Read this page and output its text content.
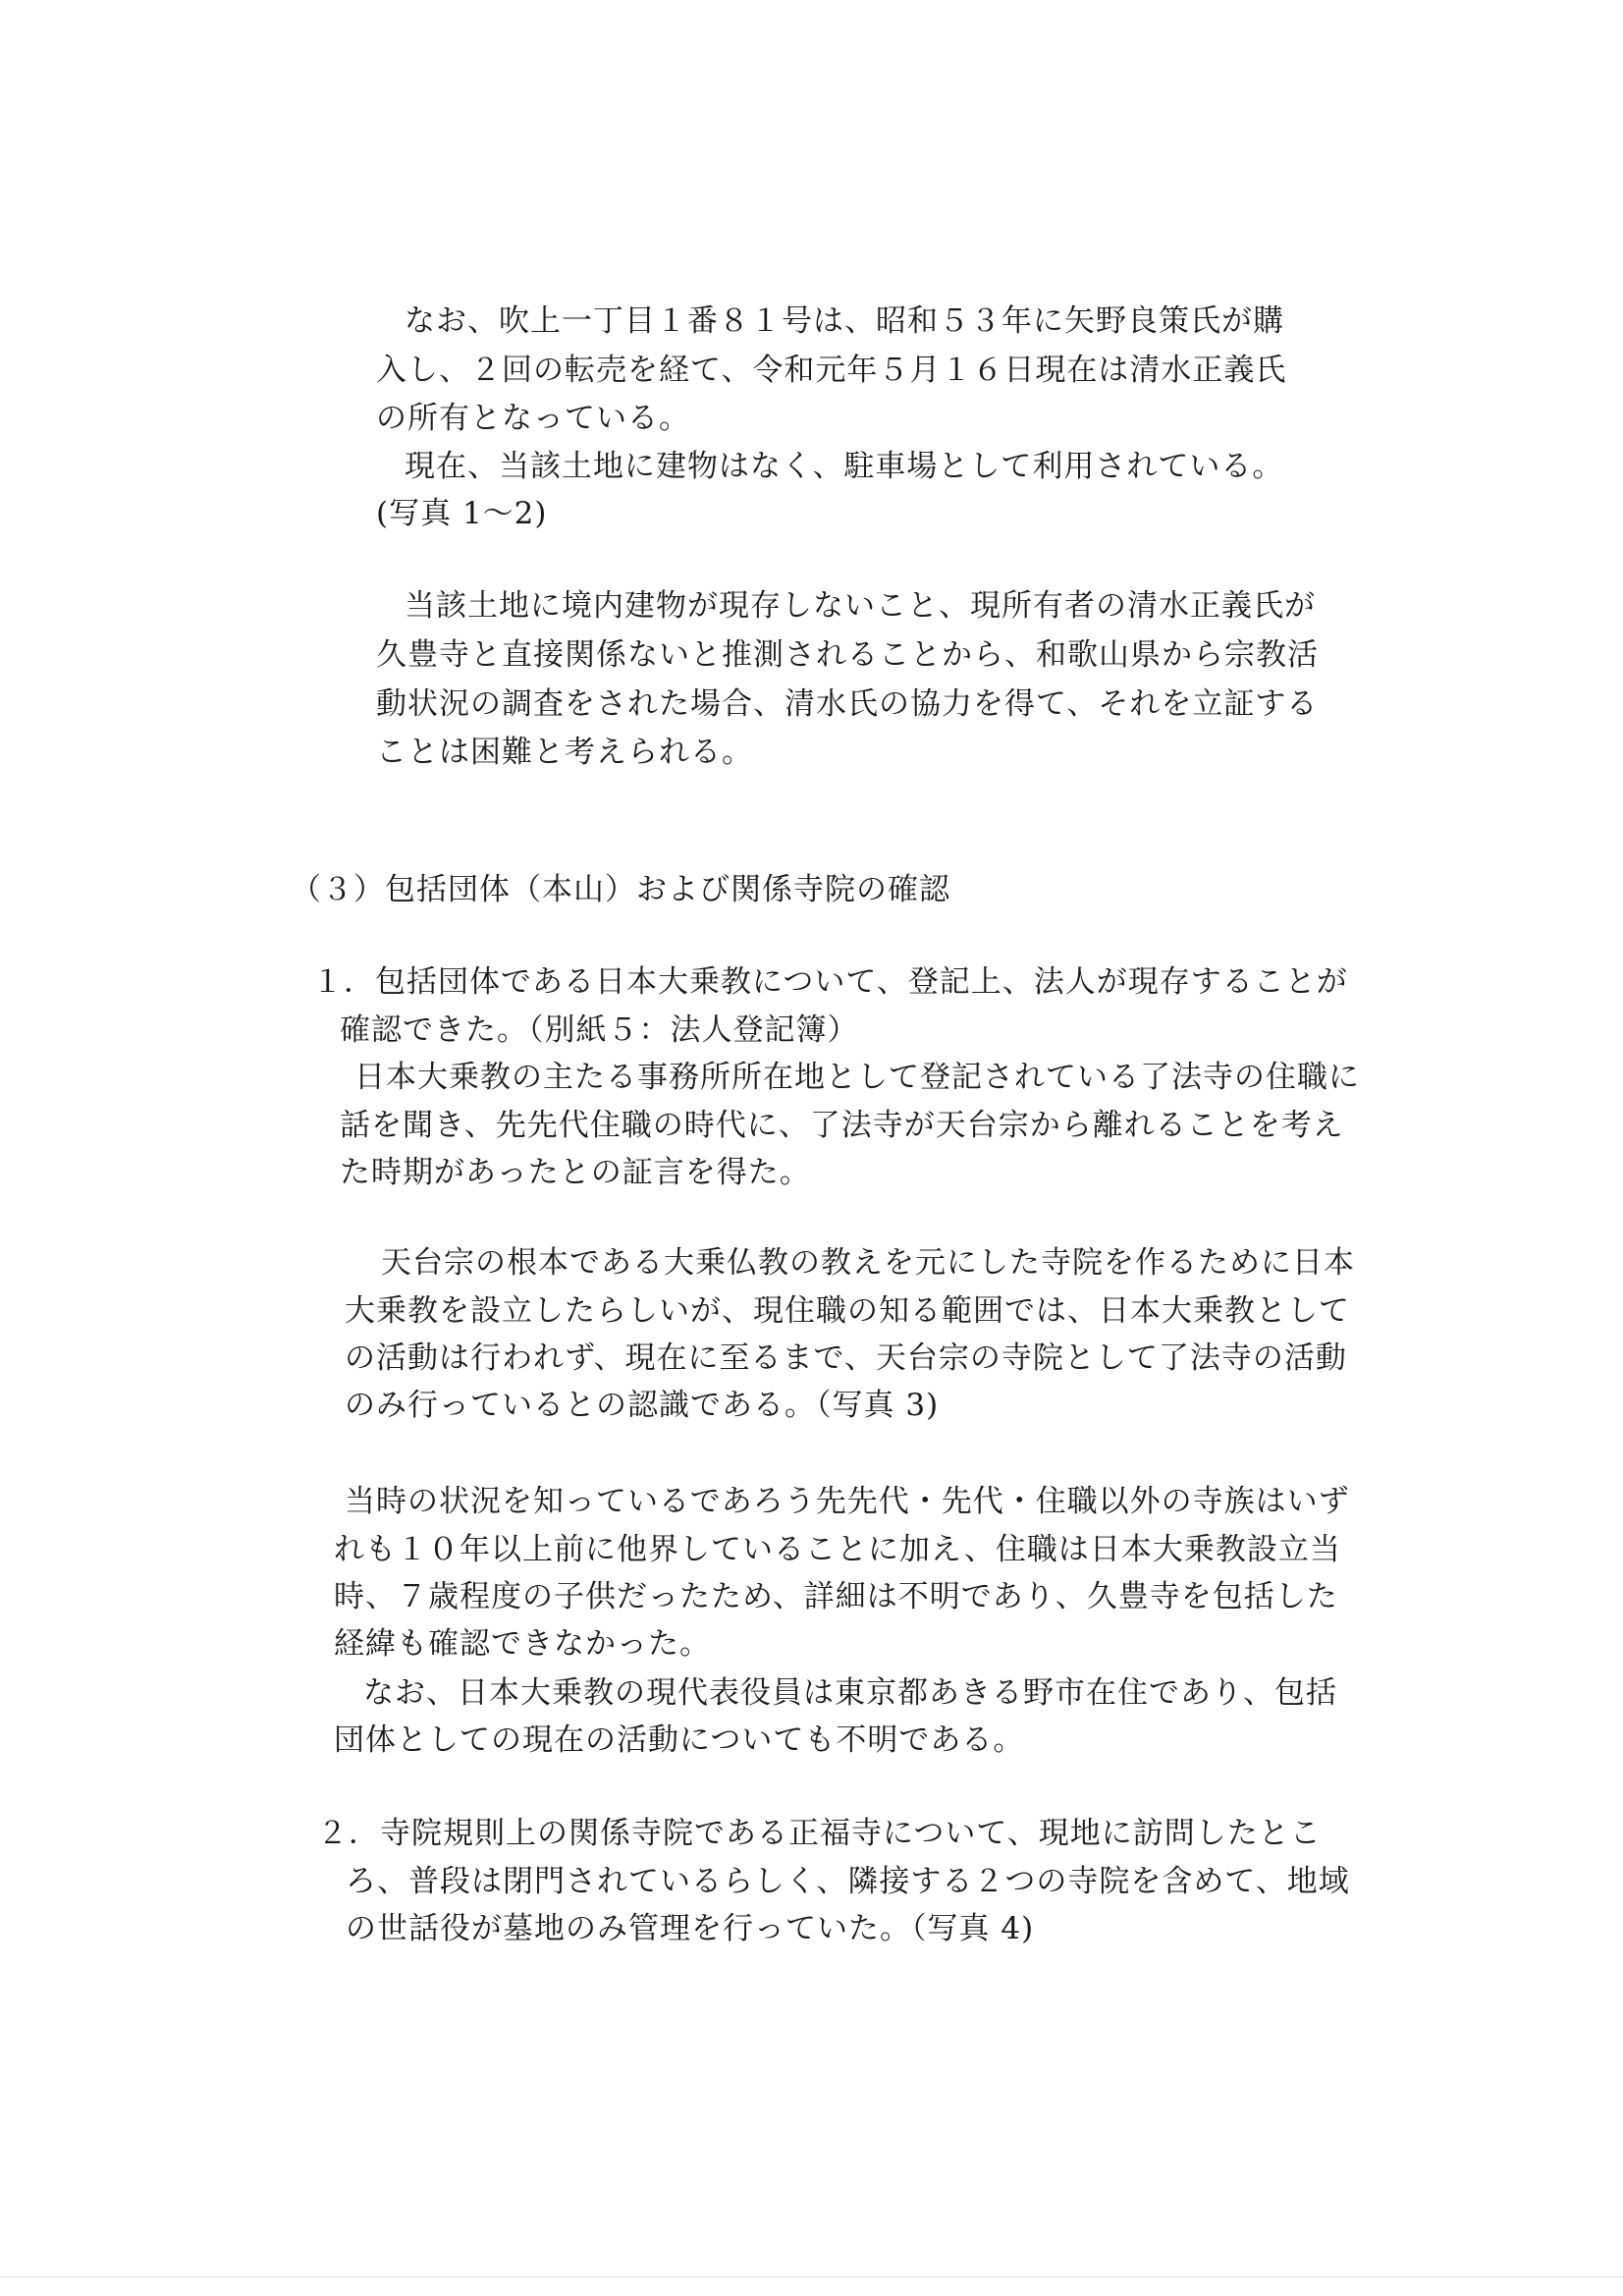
なお、吹上一丁目１番８１号は、昭和５３年に矢野良策氏が購
入し、２回の転売を経て、令和元年５月１６日現在は清水正義氏
の所有となっている。
現在、当該土地に建物はなく、駐車場として利用されている。
(写真 1～2)
当該土地に境内建物が現存しないこと、現所有者の清水正義氏が
久豊寺と直接関係ないと推測されることから、和歌山県から宗教活
動状況の調査をされた場合、清水氏の協力を得て、それを立証する
ことは困難と考えられる。
（３）包括団体（本山）および関係寺院の確認
１．包括団体である日本大乗教について、登記上、法人が現存することが
確認できた。（別紙５：法人登記簿）
日本大乗教の主たる事務所所在地として登記されている了法寺の住職に
話を聞き、先先代住職の時代に、了法寺が天台宗から離れることを考え
た時期があったとの証言を得た。
天台宗の根本である大乗仏教の教えを元にした寺院を作るために日本
大乗教を設立したらしいが、現住職の知る範囲では、日本大乗教として
の活動は行われず、現在に至るまで、天台宗の寺院として了法寺の活動
のみ行っているとの認識である。（写真 3)
当時の状況を知っているであろう先先代・先代・住職以外の寺族はいず
れも１０年以上前に他界していることに加え、住職は日本大乗教設立当
時、７歳程度の子供だったため、詳細は不明であり、久豊寺を包括した
経緯も確認できなかった。
なお、日本大乗教の現代表役員は東京都あきる野市在住であり、包括
団体としての現在の活動についても不明である。
２．寺院規則上の関係寺院である正福寺について、現地に訪問したとこ
ろ、普段は閉門されているらしく、隣接する２つの寺院を含めて、地域
の世話役が墓地のみ管理を行っていた。（写真 4)
